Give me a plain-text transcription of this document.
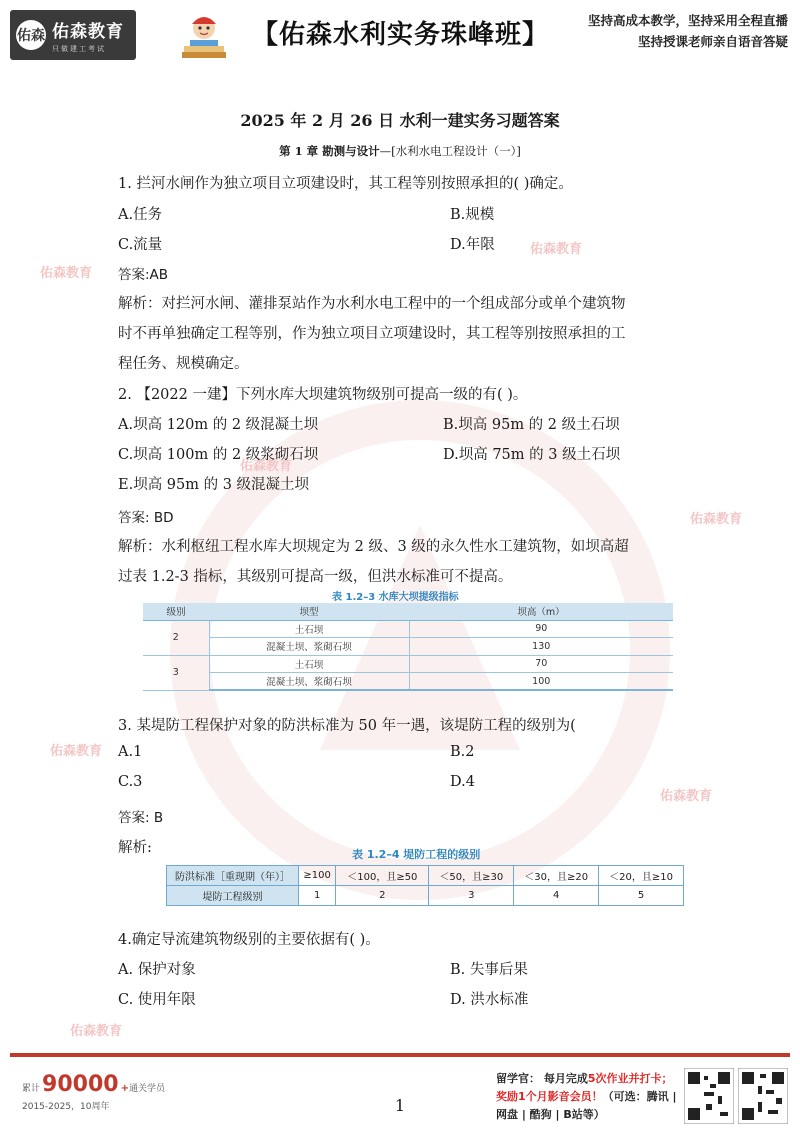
佑森 佑森教育
只做建工考试	【佑森水利实务珠峰班】	坚持高成本教学，坚持采用全程直播
坚持授课老师亲自语音答疑
佑森教育
佑森教育
佑森教育
佑森教育
佑森教育
佑森教育
佑森教育
2025 年 2 月 26 日 水利一建实务习题答案
第 1 章 勘测与设计—[水利水电工程设计（一）]
1. 拦河水闸作为独立项目立项建设时，其工程等别按照承担的( )确定。
A.任务	B.规模
C.流量	D.年限
答案:AB
解析：对拦河水闸、灌排泵站作为水利水电工程中的一个组成部分或单个建筑物
时不再单独确定工程等别，作为独立项目立项建设时，其工程等别按照承担的工
程任务、规模确定。
2. 【2022 一建】下列水库大坝建筑物级别可提高一级的有( )。
A.坝高 120m 的 2 级混凝土坝	B.坝高 95m 的 2 级土石坝
C.坝高 100m 的 2 级浆砌石坝	D.坝高 75m 的 3 级土石坝
E.坝高 95m 的 3 级混凝土坝
答案: BD
解析：水利枢纽工程水库大坝规定为 2 级、3 级的永久性水工建筑物，如坝高超
过表 1.2-3 指标，其级别可提高一级，但洪水标准可不提高。
表 1.2–3 水库大坝提级指标
级别	坝型	坝高（m）
2	土石坝	90
	混凝土坝、浆砌石坝	130
3	土石坝	70
	混凝土坝、浆砌石坝	100
3. 某堤防工程保护对象的防洪标准为 50 年一遇，该堤防工程的级别为(
A.1	B.2
C.3	D.4
答案: B
解析:	表 1.2–4 堤防工程的级别
防洪标准［重现期（年）］	≥100	＜100，且≥50	＜50，且≥30	＜30，且≥20	＜20，且≥10
堤防工程级别	1	2	3	4	5
4.确定导流建筑物级别的主要依据有( )。
A. 保护对象	B. 失事后果
C. 使用年限	D. 洪水标准
累计 90000 + 通关学员
2015-2025，10周年	1
留学官： 每月完成5次作业并打卡；
奖励1个月影音会员！（可选：腾讯 |
网盘 | 酷狗 | B站等）
